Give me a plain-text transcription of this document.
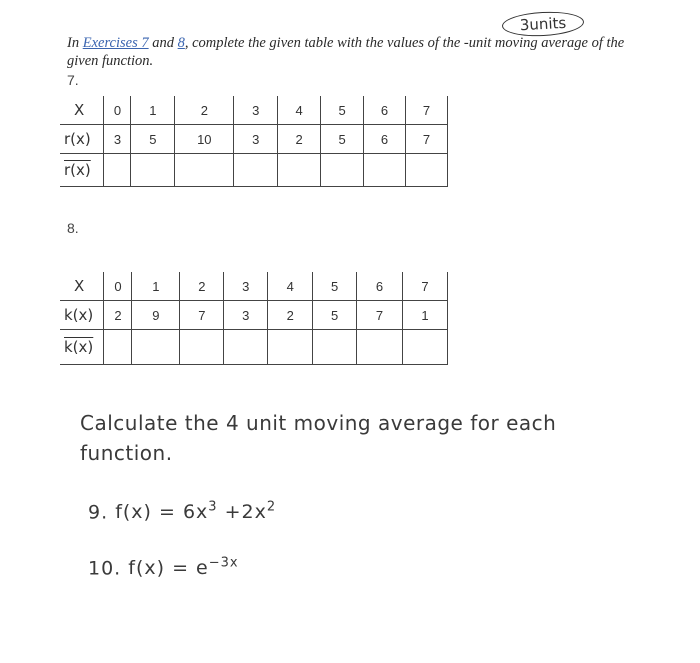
3units
In Exercises 7 and 8, complete the given table with the values of the -unit moving average of the given function.
7.
X	0	1	2	3	4	5	6	7
r(x)	3	5	10	3	2	5	6	7
r(x)								
8.
X	0	1	2	3	4	5	6	7
k(x)	2	9	7	3	2	5	7	1
k(x)								
Calculate the 4 unit moving average for each function.
9. $f(x) = 6x^3 +2x^2$
10. $f(x) = e^{-3x}$
